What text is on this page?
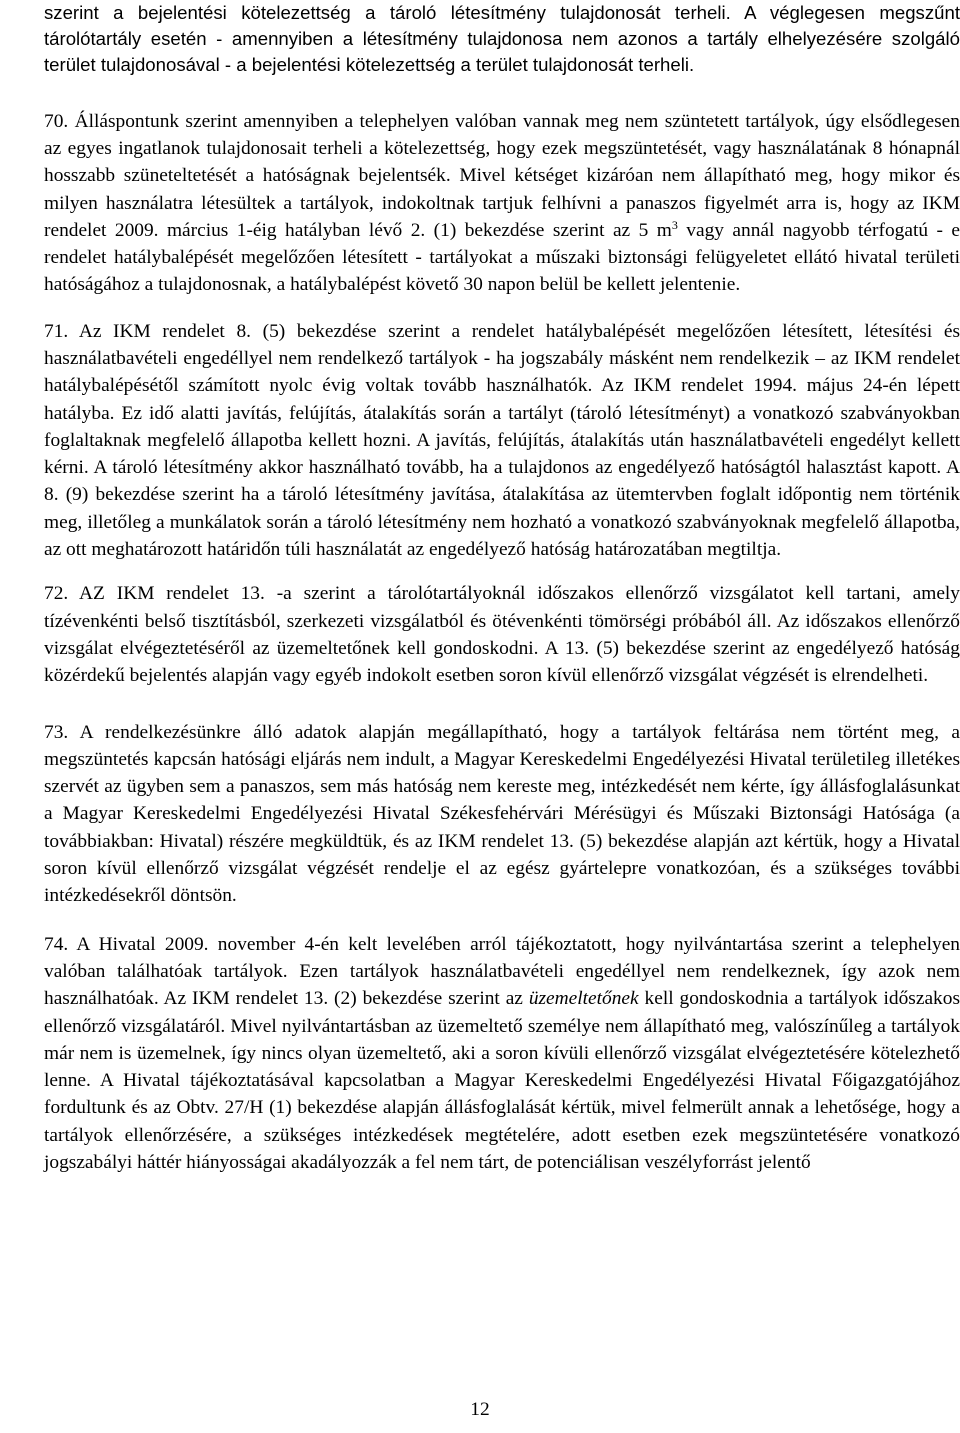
szerint a bejelentési kötelezettség a tároló létesítmény tulajdonosát terheli. A véglegesen megszűnt tárolótartály esetén - amennyiben a létesítmény tulajdonosa nem azonos a tartály elhelyezésére szolgáló terület tulajdonosával - a bejelentési kötelezettség a terület tulajdonosát terheli.

70. Álláspontunk szerint amennyiben a telephelyen valóban vannak meg nem szüntetett tartályok, úgy elsődlegesen az egyes ingatlanok tulajdonosait terheli a kötelezettség, hogy ezek megszüntetését, vagy használatának 8 hónapnál hosszabb szüneteltetését a hatóságnak bejelentsék. Mivel kétséget kizáróan nem állapítható meg, hogy mikor és milyen használatra létesültek a tartályok, indokoltnak tartjuk felhívni a panaszos figyelmét arra is, hogy az IKM rendelet 2009. március 1-éig hatályban lévő 2. (1) bekezdése szerint az 5 $m^3$ vagy annál nagyobb térfogatú - e rendelet hatálybalépését megelőzően létesített - tartályokat a műszaki biztonsági felügyeletet ellátó hivatal területi hatóságához a tulajdonosnak, a hatálybalépést követő 30 napon belül be kellett jelentenie.

71. Az IKM rendelet 8. (5) bekezdése szerint a rendelet hatálybalépését megelőzően létesített, létesítési és használatbavételi engedéllyel nem rendelkező tartályok - ha jogszabály másként nem rendelkezik – az IKM rendelet hatálybalépésétől számított nyolc évig voltak tovább használhatók. Az IKM rendelet 1994. május 24-én lépett hatályba. Ez idő alatti javítás, felújítás, átalakítás során a tartályt (tároló létesítményt) a vonatkozó szabványokban foglaltaknak megfelelő állapotba kellett hozni. A javítás, felújítás, átalakítás után használatbavételi engedélyt kellett kérni. A tároló létesítmény akkor használható tovább, ha a tulajdonos az engedélyező hatóságtól halasztást kapott. A 8. (9) bekezdése szerint ha a tároló létesítmény javítása, átalakítása az ütemtervben foglalt időpontig nem történik meg, illetőleg a munkálatok során a tároló létesítmény nem hozható a vonatkozó szabványoknak megfelelő állapotba, az ott meghatározott határidőn túli használatát az engedélyező hatóság határozatában megtiltja.

72. AZ IKM rendelet 13. -a szerint a tárolótartályoknál időszakos ellenőrző vizsgálatot kell tartani, amely tízévenkénti belső tisztításból, szerkezeti vizsgálatból és ötévenkénti tömörségi próbából áll. Az időszakos ellenőrző vizsgálat elvégeztetéséről az üzemeltetőnek kell gondoskodni. A 13. (5) bekezdése szerint az engedélyező hatóság közérdekű bejelentés alapján vagy egyéb indokolt esetben soron kívül ellenőrző vizsgálat végzését is elrendelheti.

73. A rendelkezésünkre álló adatok alapján megállapítható, hogy a tartályok feltárása nem történt meg, a megszüntetés kapcsán hatósági eljárás nem indult, a Magyar Kereskedelmi Engedélyezési Hivatal területileg illetékes szervét az ügyben sem a panaszos, sem más hatóság nem kereste meg, intézkedését nem kérte, így állásfoglalásunkat a Magyar Kereskedelmi Engedélyezési Hivatal Székesfehérvári Mérésügyi és Műszaki Biztonsági Hatósága (a továbbiakban: Hivatal) részére megküldtük, és az IKM rendelet 13. (5) bekezdése alapján azt kértük, hogy a Hivatal soron kívül ellenőrző vizsgálat végzését rendelje el az egész gyártelepre vonatkozóan, és a szükséges további intézkedésekről döntsön.

74. A Hivatal 2009. november 4-én kelt levelében arról tájékoztatott, hogy nyilvántartása szerint a telephelyen valóban találhatóak tartályok. Ezen tartályok használatbavételi engedéllyel nem rendelkeznek, így azok nem használhatóak. Az IKM rendelet 13. (2) bekezdése szerint az üzemeltetőnek kell gondoskodnia a tartályok időszakos ellenőrző vizsgálatáról. Mivel nyilvántartásban az üzemeltető személye nem állapítható meg, valószínűleg a tartályok már nem is üzemelnek, így nincs olyan üzemeltető, aki a soron kívüli ellenőrző vizsgálat elvégeztetésére kötelezhető lenne. A Hivatal tájékoztatásával kapcsolatban a Magyar Kereskedelmi Engedélyezési Hivatal Főigazgatójához fordultunk és az Obtv. 27/H (1) bekezdése alapján állásfoglalását kértük, mivel felmerült annak a lehetősége, hogy a tartályok ellenőrzésére, a szükséges intézkedések megtételére, adott esetben ezek megszüntetésére vonatkozó jogszabályi háttér hiányosságai akadályozzák a fel nem tárt, de potenciálisan veszélyforrást jelentő

12
